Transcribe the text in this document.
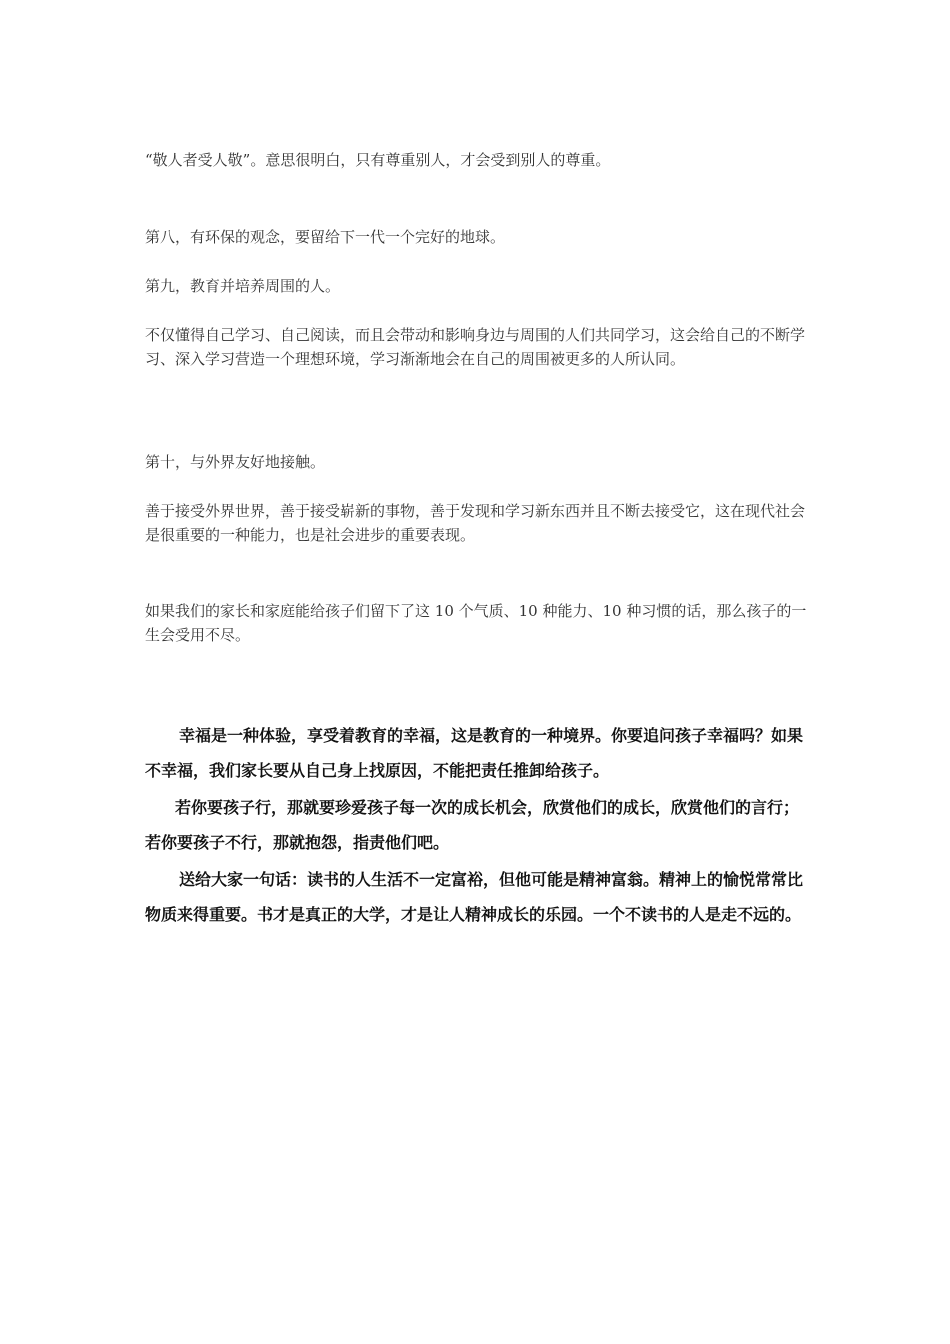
“敬人者受人敬”。意思很明白，只有尊重别人，才会受到别人的尊重。

第八，有环保的观念，要留给下一代一个完好的地球。

第九，教育并培养周围的人。

不仅懂得自己学习、自己阅读，而且会带动和影响身边与周围的人们共同学习，这会给自己的不断学习、深入学习营造一个理想环境，学习渐渐地会在自己的周围被更多的人所认同。

第十，与外界友好地接触。

善于接受外界世界，善于接受崭新的事物，善于发现和学习新东西并且不断去接受它，这在现代社会是很重要的一种能力，也是社会进步的重要表现。

如果我们的家长和家庭能给孩子们留下了这 10 个气质、10 种能力、10 种习惯的话，那么孩子的一生会受用不尽。

幸福是一种体验，享受着教育的幸福，这是教育的一种境界。你要追问孩子幸福吗？如果不幸福，我们家长要从自己身上找原因，不能把责任推卸给孩子。

若你要孩子行，那就要珍爱孩子每一次的成长机会，欣赏他们的成长，欣赏他们的言行；若你要孩子不行，那就抱怨，指责他们吧。

送给大家一句话：读书的人生活不一定富裕，但他可能是精神富翁。精神上的愉悦常常比物质来得重要。书才是真正的大学，才是让人精神成长的乐园。一个不读书的人是走不远的。
